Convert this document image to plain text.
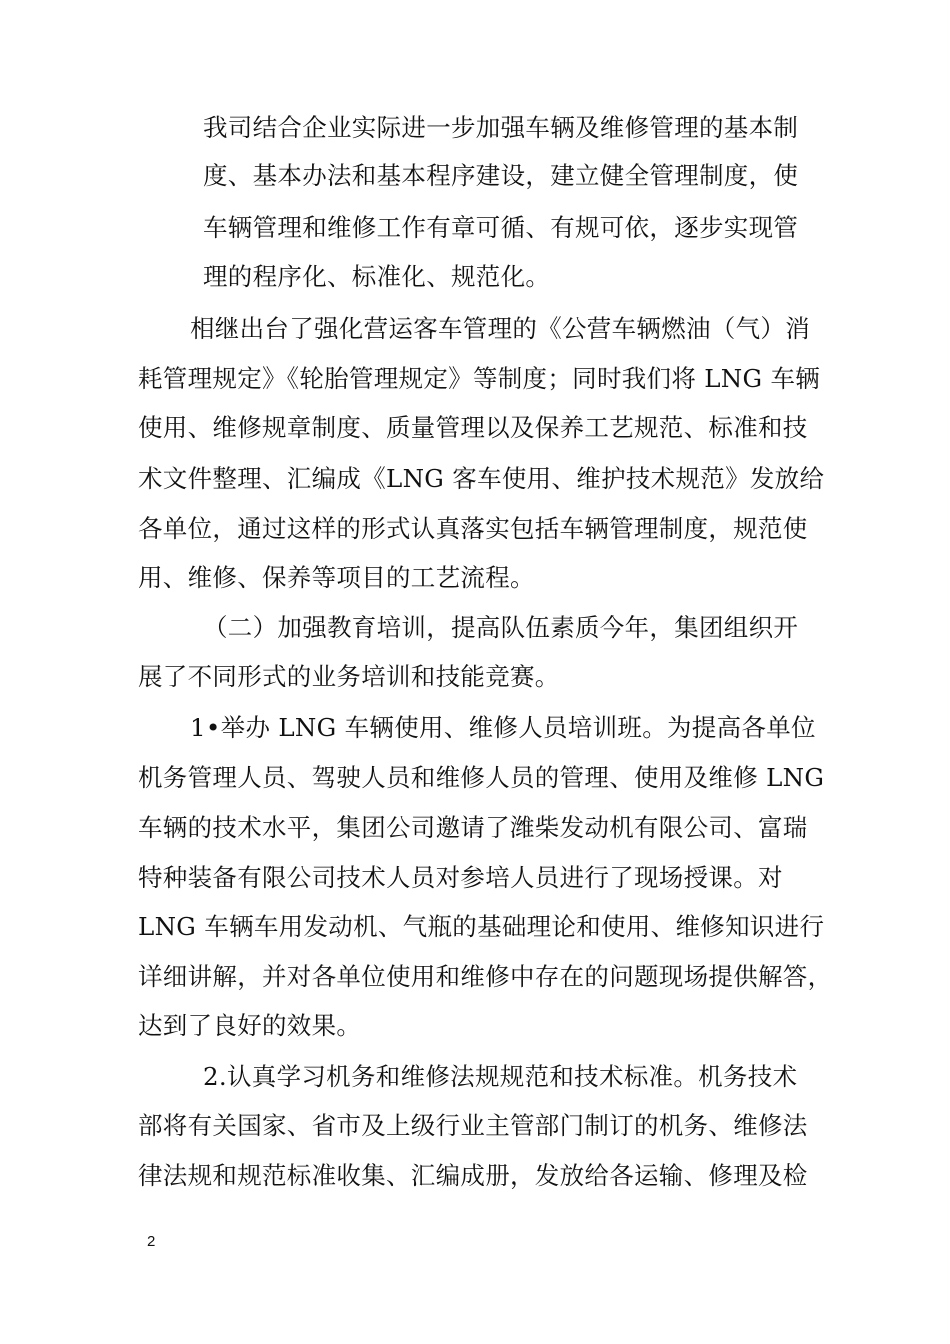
我司结合企业实际进一步加强车辆及维修管理的基本制

度、基本办法和基本程序建设，建立健全管理制度，使

车辆管理和维修工作有章可循、有规可依，逐步实现管

理的程序化、标准化、规范化。

相继出台了强化营运客车管理的《公营车辆燃油（气）消

耗管理规定》《轮胎管理规定》等制度；同时我们将 LNG 车辆

使用、维修规章制度、质量管理以及保养工艺规范、标准和技

术文件整理、汇编成《LNG 客车使用、维护技术规范》发放给

各单位，通过这样的形式认真落实包括车辆管理制度，规范使

用、维修、保养等项目的工艺流程。

（二）加强教育培训，提高队伍素质今年，集团组织开

展了不同形式的业务培训和技能竞赛。

1•举办 LNG 车辆使用、维修人员培训班。为提高各单位

机务管理人员、驾驶人员和维修人员的管理、使用及维修 LNG

车辆的技术水平，集团公司邀请了潍柴发动机有限公司、富瑞

特种装备有限公司技术人员对参培人员进行了现场授课。对

LNG 车辆车用发动机、气瓶的基础理论和使用、维修知识进行

详细讲解，并对各单位使用和维修中存在的问题现场提供解答，

达到了良好的效果。

2.认真学习机务和维修法规规范和技术标准。机务技术

部将有关国家、省市及上级行业主管部门制订的机务、维修法

律法规和规范标准收集、汇编成册，发放给各运输、修理及检

2
